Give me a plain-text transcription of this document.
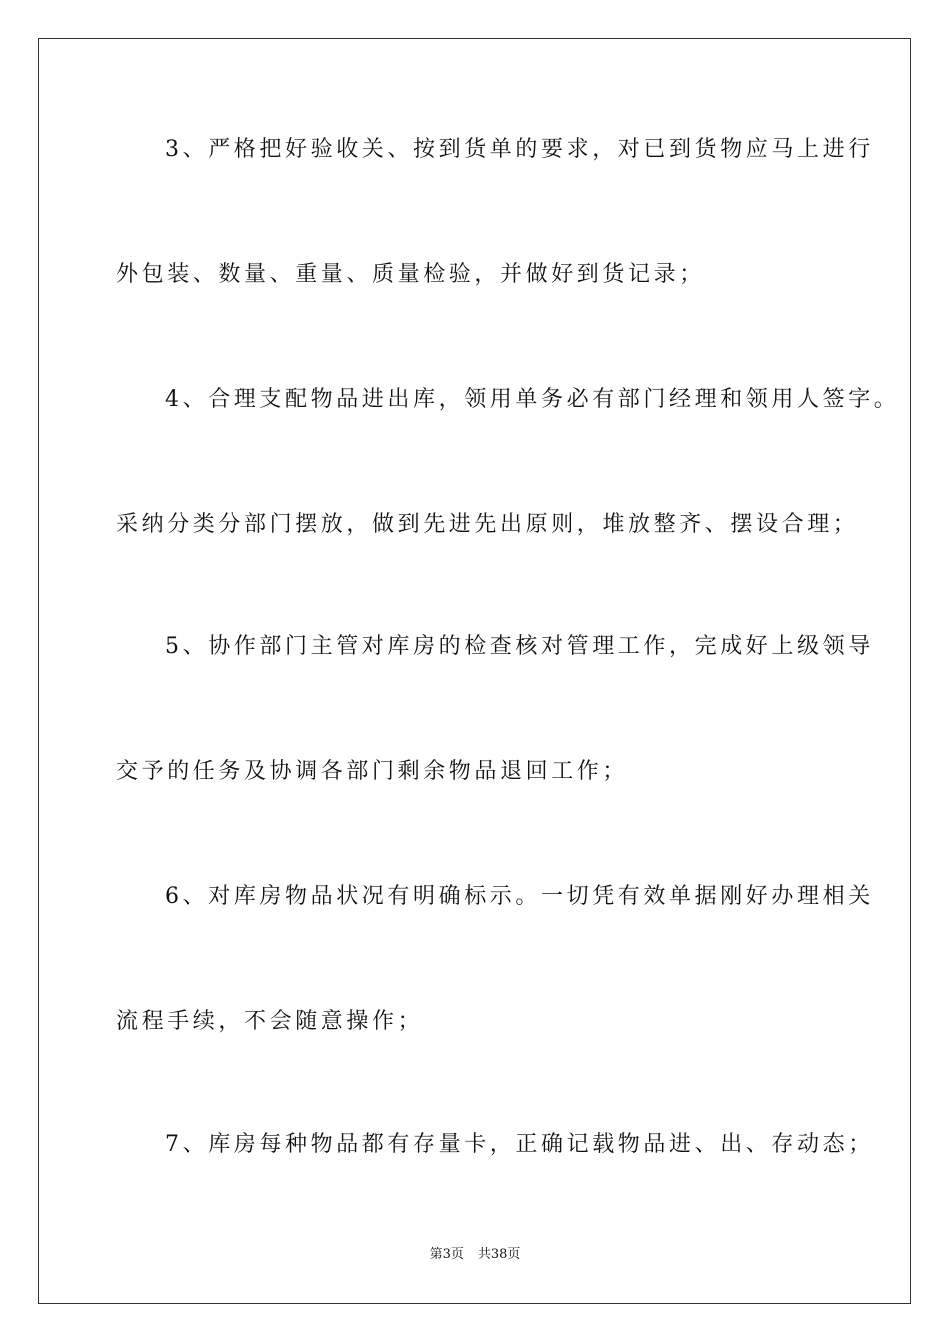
3、严格把好验收关、按到货单的要求，对已到货物应马上进行
外包装、数量、重量、质量检验，并做好到货记录；
4、合理支配物品进出库，领用单务必有部门经理和领用人签字。
采纳分类分部门摆放，做到先进先出原则，堆放整齐、摆设合理；
5、协作部门主管对库房的检查核对管理工作，完成好上级领导
交予的任务及协调各部门剩余物品退回工作；
6、对库房物品状况有明确标示。一切凭有效单据刚好办理相关
流程手续，不会随意操作；
7、库房每种物品都有存量卡，正确记载物品进、出、存动态；
第3页 共38页
